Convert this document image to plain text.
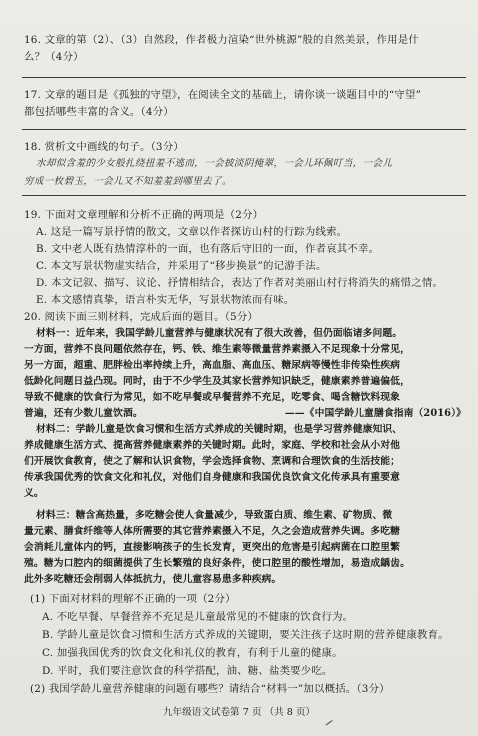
16. 文章的第（2）、（3）自然段，作者极力渲染“世外桃源”般的自然美景，作用是什
么？（4分）
17. 文章的题目是《孤独的守望》，在阅读全文的基础上，请你谈一谈题目中的“守望”
都包括哪些丰富的含义。（4分）
18. 赏析文中画线的句子。（3分）
水却似含羞的少女般扎绕扭羞不逃而，一会披淡阴掩翠，一会儿环佩叮当，一会儿
穷成一枚碧玉，一会儿又不知羞羞到哪里去了。
19. 下面对文章理解和分析不正确的两项是（2分）
A. 这是一篇写景抒情的散文，文章以作者探访山村的行踪为线索。
B. 文中老人既有热情淳朴的一面，也有落后守旧的一面，作者哀其不幸。
C. 本文写景状物虚实结合，并采用了“移步换景”的记游手法。
D. 本文记叙、描写、议论、抒情相结合，表达了作者对美丽山村行将消失的痛惜之情。
E. 本文感情真挚，语言朴实无华，写景状物浓而有味。
20. 阅读下面三则材料，完成后面的题目。（5分）
材料一：近年来，我国学龄儿童营养与健康状况有了很大改善，但仍面临诸多问题。
一方面，营养不良问题依然存在，钙、铁、维生素等微量营养素摄入不足现象十分常见，
另一方面，超重、肥胖检出率持续上升，高血脂、高血压、糖尿病等慢性非传染性疾病
低龄化问题日益凸现。同时，由于不少学生及其家长营养知识缺乏，健康素养普遍偏低，
导致不健康的饮食行为常见，如不吃早餐或早餐营养不充足，吃零食、喝含糖饮料现象
普遍，还有少数儿童饮酒。	——《中国学龄儿童膳食指南（2016）》
材料二：学龄儿童是饮食习惯和生活方式养成的关键时期，也是学习营养健康知识、
养成健康生活方式、提高营养健康素养的关键时期。此时，家庭、学校和社会从小对他
们开展饮食教育，使之了解和认识食物，学会选择食物、烹调和合理饮食的生活技能；
传承我国优秀的饮食文化和礼仪，对他们自身健康和我国优良饮食文化传承具有重要意
义。
材料三：糖含高热量，多吃糖会使人食量减少，导致蛋白质、维生素、矿物质、微
量元素、膳食纤维等人体所需要的其它营养素摄入不足，久之会造成营养失调。多吃糖
会消耗儿童体内的钙，直接影响孩子的生长发育，更突出的危害是引起病菌在口腔里繁
殖。糖为口腔内的细菌提供了生长繁殖的良好条件，使口腔里的酸性增加，易造成龋齿。
此外多吃糖还会削弱人体抵抗力，使儿童容易患多种疾病。
(1) 下面对材料的理解不正确的一项（2分）
A. 不吃早餐、早餐营养不充足是儿童最常见的不健康的饮食行为。
B. 学龄儿童是饮食习惯和生活方式养成的关键期，要关注孩子这时期的营养健康教育。
C. 加强我国优秀的饮食文化和礼仪的教育，有利于儿童的健康。
D. 平时，我们要注意饮食的科学搭配，油、糖、盐类要少吃。
(2) 我国学龄儿童营养健康的问题有哪些？请结合“材料一”加以概括。（3分）
九年级语文试卷第 7 页 （共 8 页）
